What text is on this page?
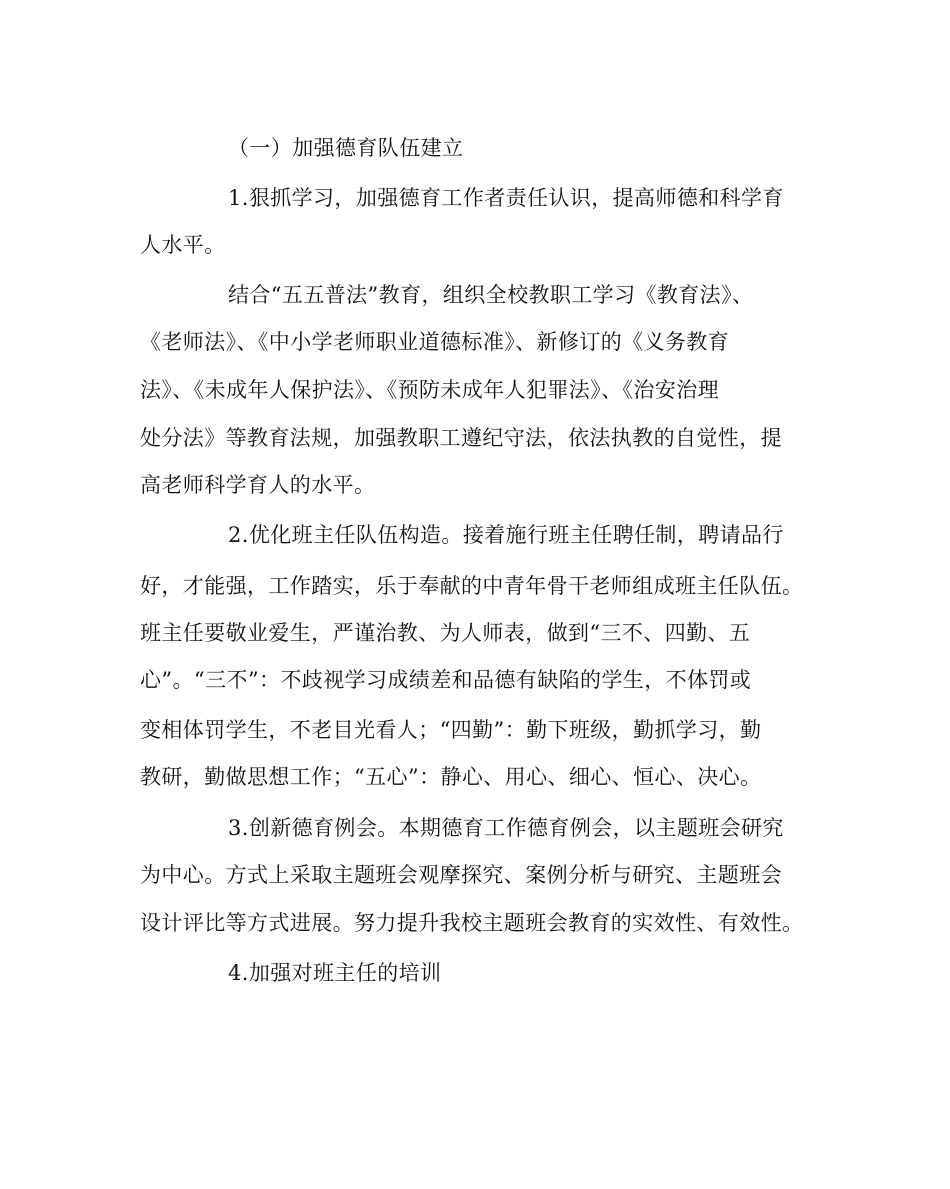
（一）加强德育队伍建立
1.狠抓学习，加强德育工作者责任认识，提高师德和科学育
人水平。
结合“五五普法”教育，组织全校教职工学习《教育法》、
《老师法》、《中小学老师职业道德标准》、新修订的《义务教育
法》、《未成年人保护法》、《预防未成年人犯罪法》、《治安治理
处分法》等教育法规，加强教职工遵纪守法，依法执教的自觉性，提
高老师科学育人的水平。
2.优化班主任队伍构造。接着施行班主任聘任制，聘请品行
好，才能强，工作踏实，乐于奉献的中青年骨干老师组成班主任队伍。
班主任要敬业爱生，严谨治教、为人师表，做到“三不、四勤、五
心”。“三不”：不歧视学习成绩差和品德有缺陷的学生，不体罚或
变相体罚学生，不老目光看人；“四勤”：勤下班级，勤抓学习，勤
教研，勤做思想工作；“五心”：静心、用心、细心、恒心、决心。
3.创新德育例会。本期德育工作德育例会，以主题班会研究
为中心。方式上采取主题班会观摩探究、案例分析与研究、主题班会
设计评比等方式进展。努力提升我校主题班会教育的实效性、有效性。
4.加强对班主任的培训
